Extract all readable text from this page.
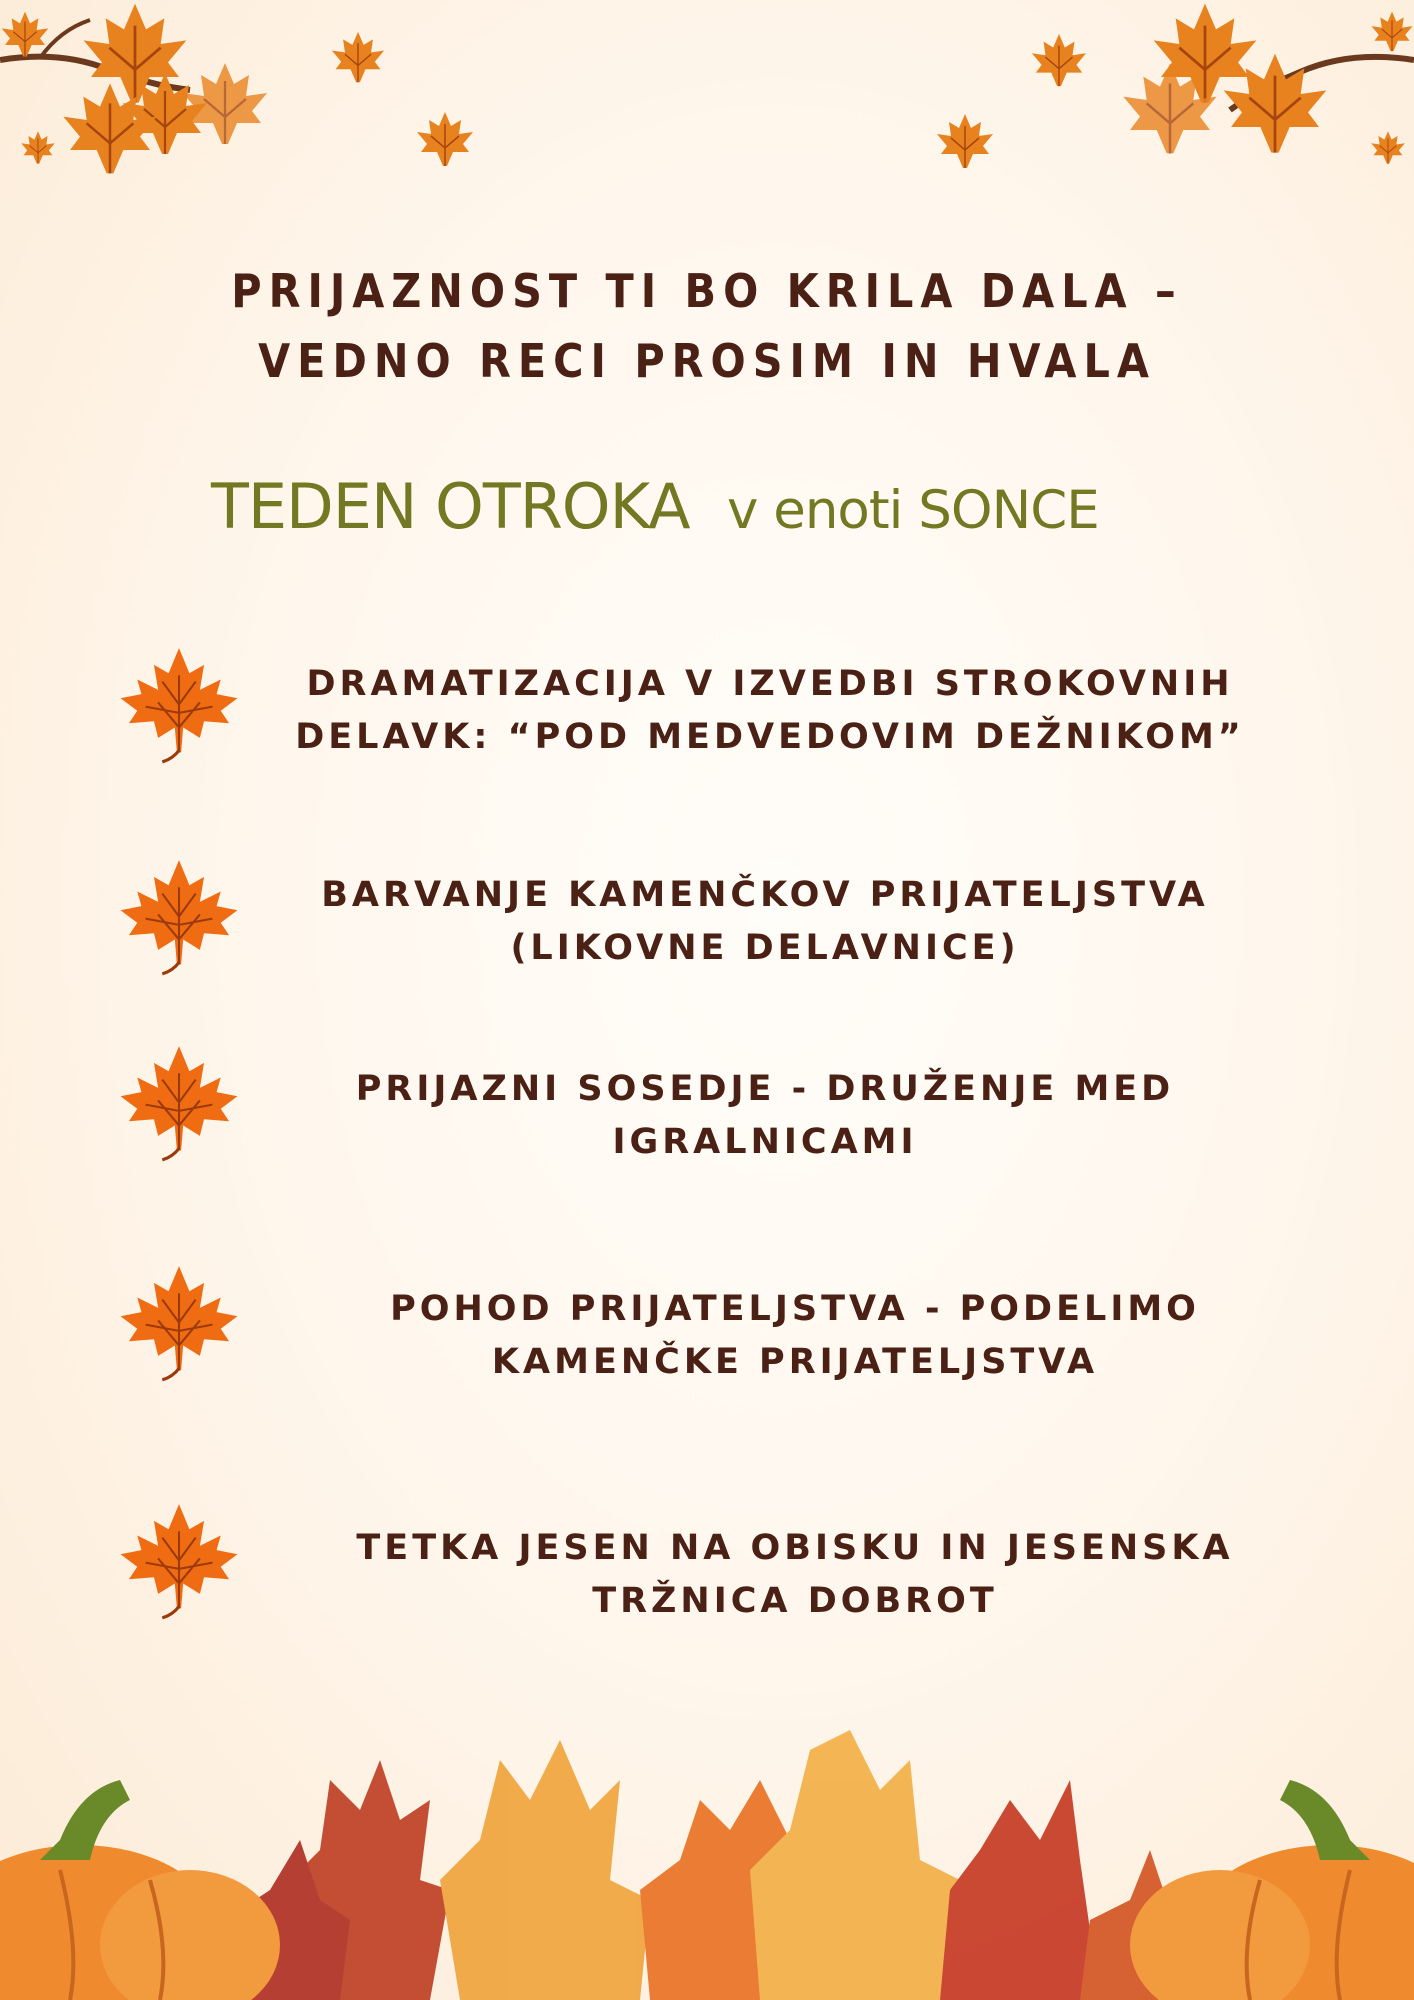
PRIJAZNOST TI BO KRILA DALA –
VEDNO RECI PROSIM IN HVALA
TEDEN OTROKA v enoti SONCE
DRAMATIZACIJA V IZVEDBI STROKOVNIH
DELAVK: “POD MEDVEDOVIM DEŽNIKOM”
BARVANJE KAMENČKOV PRIJATELJSTVA
(LIKOVNE DELAVNICE)
PRIJAZNI SOSEDJE - DRUŽENJE MED
IGRALNICAMI
POHOD PRIJATELJSTVA - PODELIMO
KAMENČKE PRIJATELJSTVA
TETKA JESEN NA OBISKU IN JESENSKA
TRŽNICA DOBROT
